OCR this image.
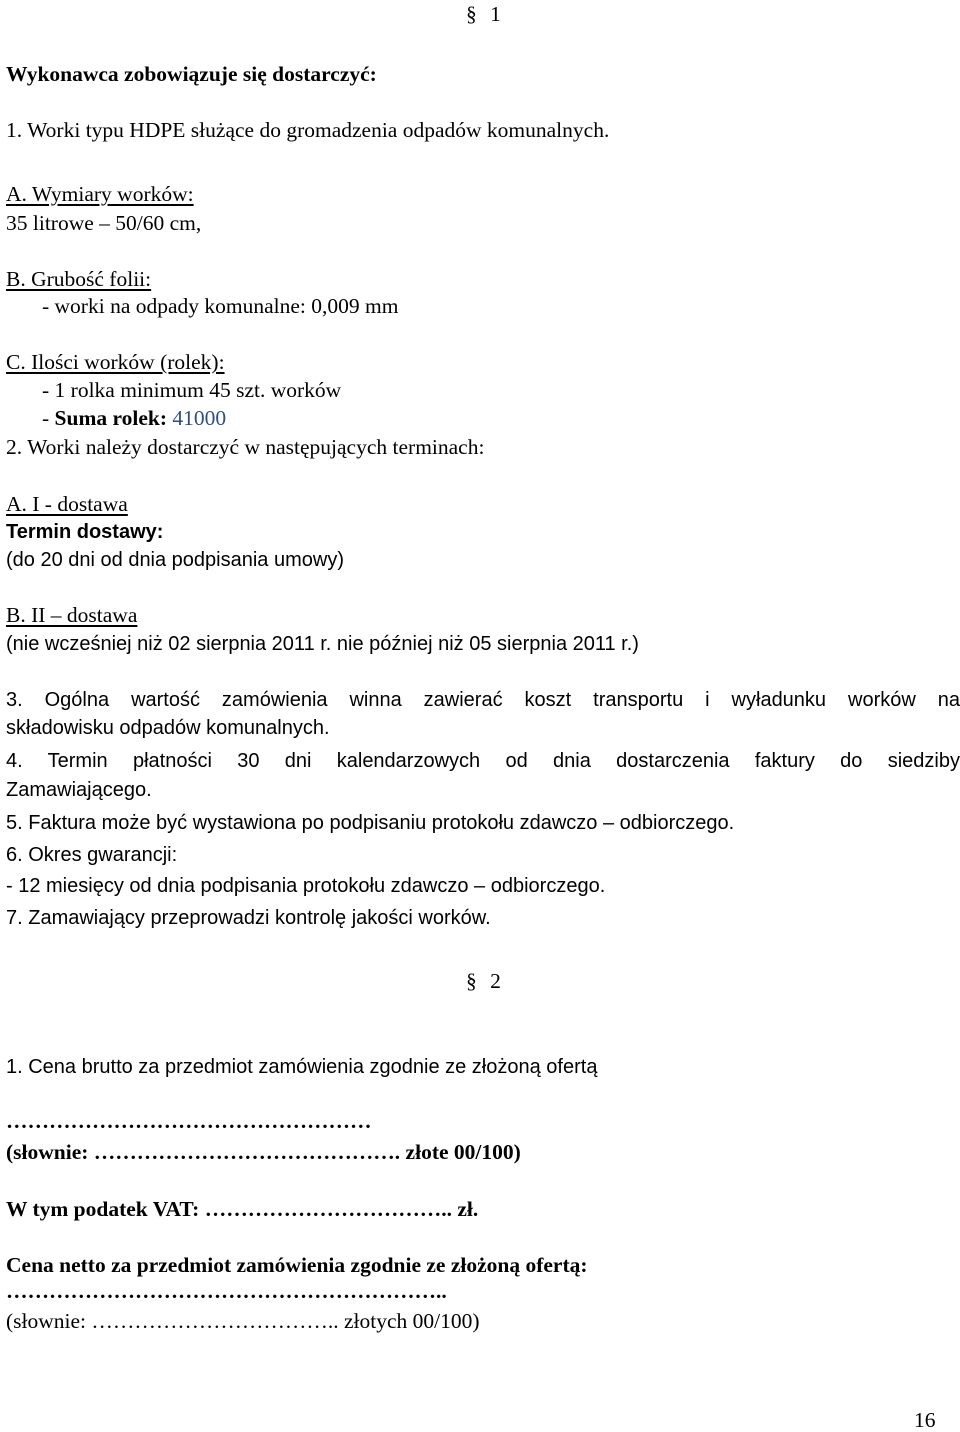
§ 1
Wykonawca zobowiązuje się dostarczyć:
1. Worki typu HDPE służące do gromadzenia odpadów komunalnych.
A. Wymiary worków:
35 litrowe – 50/60 cm,
B. Grubość folii:
- worki na odpady komunalne: 0,009 mm
C. Ilości worków (rolek):
- 1 rolka minimum 45 szt. worków
- Suma rolek: 41000
2. Worki należy dostarczyć w następujących terminach:
A. I - dostawa
Termin dostawy:
(do 20 dni od dnia podpisania umowy)
B. II – dostawa
(nie wcześniej niż 02 sierpnia 2011 r. nie później niż 05 sierpnia 2011 r.)
3. Ogólna wartość zamówienia winna zawierać koszt transportu i wyładunku worków na
składowisku odpadów komunalnych.
4. Termin płatności 30 dni kalendarzowych od dnia dostarczenia faktury do siedziby
Zamawiającego.
5. Faktura może być wystawiona po podpisaniu protokołu zdawczo – odbiorczego.
6. Okres gwarancji:
- 12 miesięcy od dnia podpisania protokołu zdawczo – odbiorczego.
7. Zamawiający przeprowadzi kontrolę jakości worków.
§ 2
1. Cena brutto za przedmiot zamówienia zgodnie ze złożoną ofertą
……………………………………………
(słownie: ……………………………………. złote 00/100)
W tym podatek VAT: …………………………….. zł.
Cena netto za przedmiot zamówienia zgodnie ze złożoną ofertą:
……………………………………………………..
(słownie: …………………………….. złotych 00/100)
16
